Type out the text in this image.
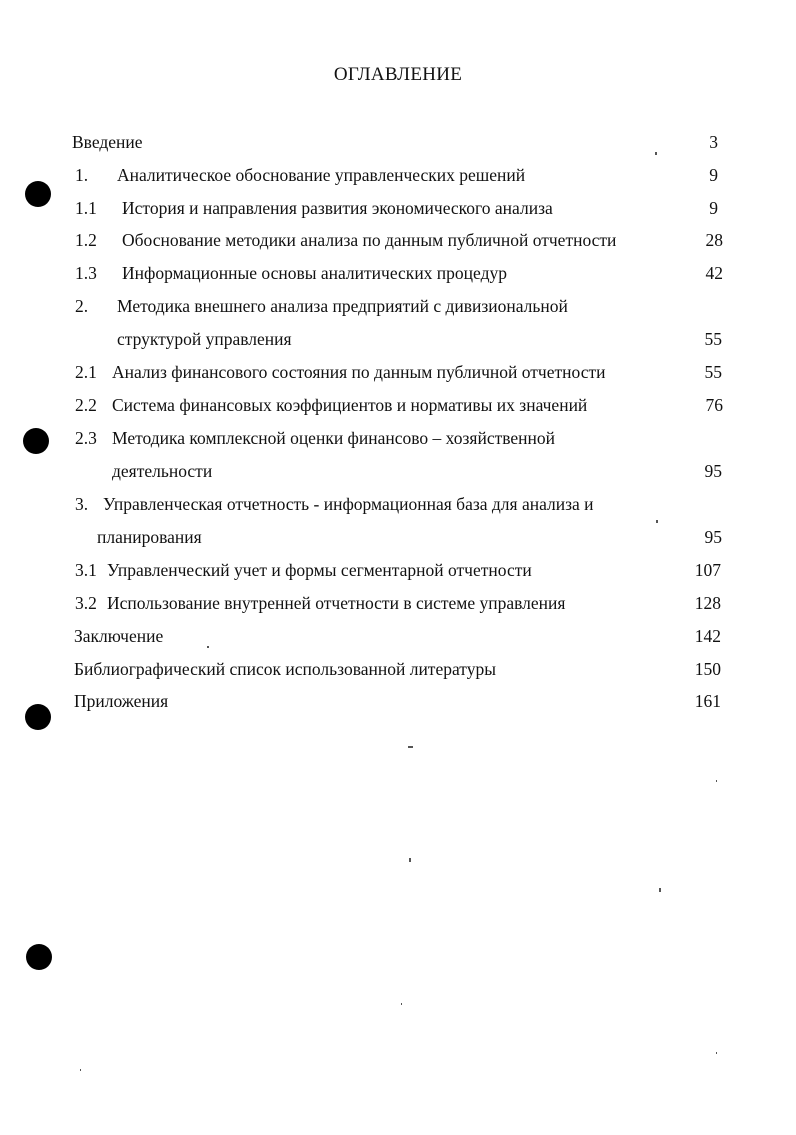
ОГЛАВЛЕНИЕ
Введение	3
1. Аналитическое обоснование управленческих решений	9
1.1 История и направления развития экономического анализа	9
1.2 Обоснование методики анализа по данным публичной отчетности	28
1.3 Информационные основы аналитических процедур	42
2. Методика внешнего анализа предприятий с дивизиональной
структурой управления	55
2.1 Анализ финансового состояния по данным публичной отчетности	55
2.2 Система финансовых коэффициентов и нормативы их значений	76
2.3 Методика комплексной оценки финансово – хозяйственной
деятельности	95
3. Управленческая отчетность - информационная база для анализа и
планирования	95
3.1 Управленческий учет и формы сегментарной отчетности	107
3.2 Использование внутренней отчетности в системе управления	128
Заключение	142
Библиографический список использованной литературы	150
Приложения	161
